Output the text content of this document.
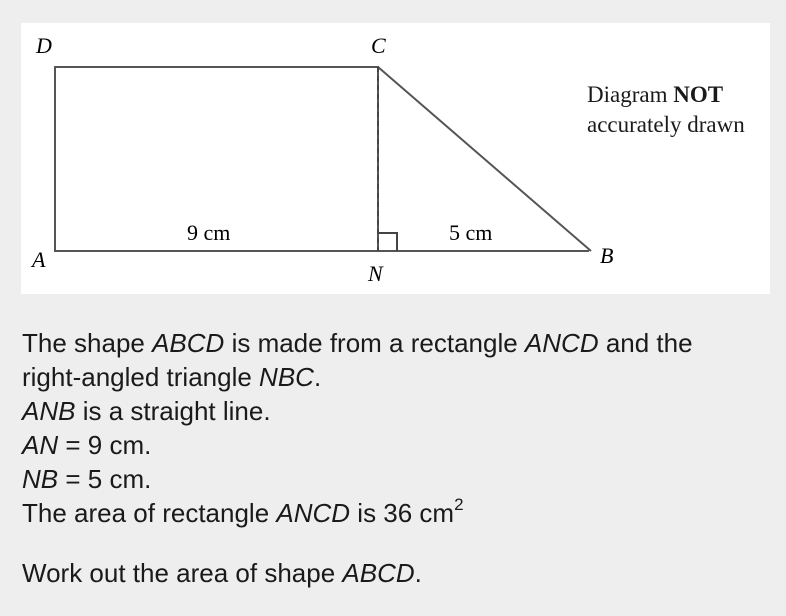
D	C
A
N
B
9 cm	5 cm
Diagram NOT
accurately drawn
The shape ABCD is made from a rectangle ANCD and the
right-angled triangle NBC.
ANB is a straight line.
AN = 9 cm.
NB = 5 cm.
The area of rectangle ANCD is 36 $cm^2$
Work out the area of shape ABCD.
